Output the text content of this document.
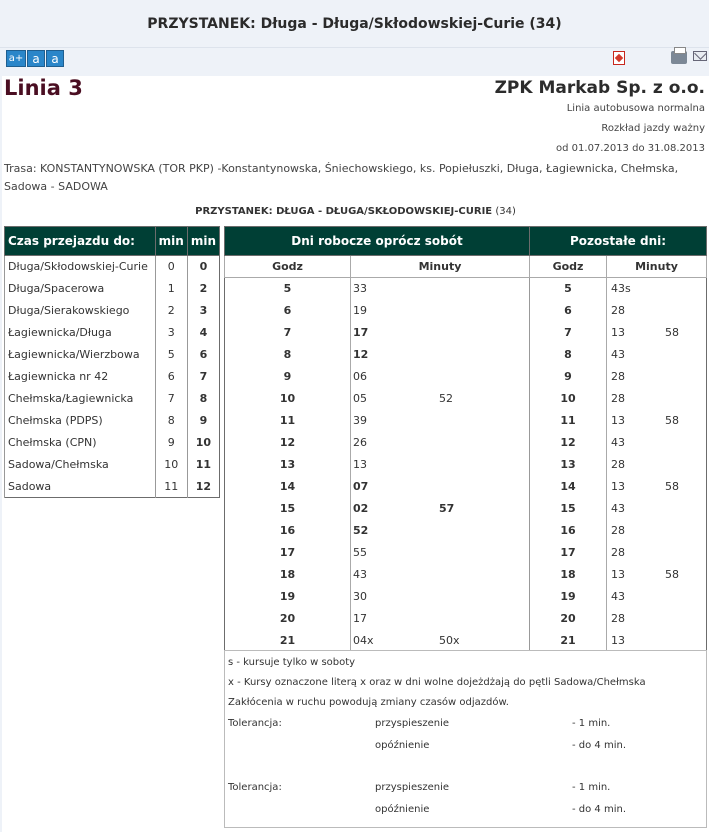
PRZYSTANEK: Długa - Długa/Skłodowskiej-Curie (34)
a+ a a
Linia 3	ZPK Markab Sp. z o.o.
Linia autobusowa normalna
Rozkład jazdy ważny
od 01.07.2013 do 31.08.2013
Trasa: KONSTANTYNOWSKA (TOR PKP) -Konstantynowska, Śniechowskiego, ks. Popiełuszki, Długa, Łagiewnicka, Chełmska, Sadowa - SADOWA
PRZYSTANEK: DŁUGA - DŁUGA/SKŁODOWSKIEJ-CURIE (34)
Czas przejazdu do:	min	min
Długa/Skłodowskiej-Curie	0	0
Długa/Spacerowa	1	2
Długa/Sierakowskiego	2	3
Łagiewnicka/Długa	3	4
Łagiewnicka/Wierzbowa	5	6
Łagiewnicka nr 42	6	7
Chełmska/Łagiewnicka	7	8
Chełmska (PDPS)	8	9
Chełmska (CPN)	9	10
Sadowa/Chełmska	10	11
Sadowa	11	12
Dni robocze oprócz sobót		Pozostałe dni:	
Godz	Minuty	Godz	Minuty
5	33	5	43s

6	19	6	28

7	17	7	13 58

8	12	8	43

9	06	9	28

10	05 52	10	28

11	39	11	13 58

12	26	12	43

13	13	13	28

14	07	14	13 58

15	02 57	15	43

16	52	16	28

17	55	17	28

18	43	18	13 58

19	30	19	43

20	17	20	28

21	04x 50x	21	13
s - kursuje tylko w soboty
x - Kursy oznaczone literą x oraz w dni wolne dojeżdżają do pętli Sadowa/Chełmska
Zakłócenia w ruchu powodują zmiany czasów odjazdów.
Tolerancja:	przyspieszenie	- 1 min.
opóźnienie	- do 4 min.
Tolerancja:	przyspieszenie	- 1 min.
opóźnienie	- do 4 min.
